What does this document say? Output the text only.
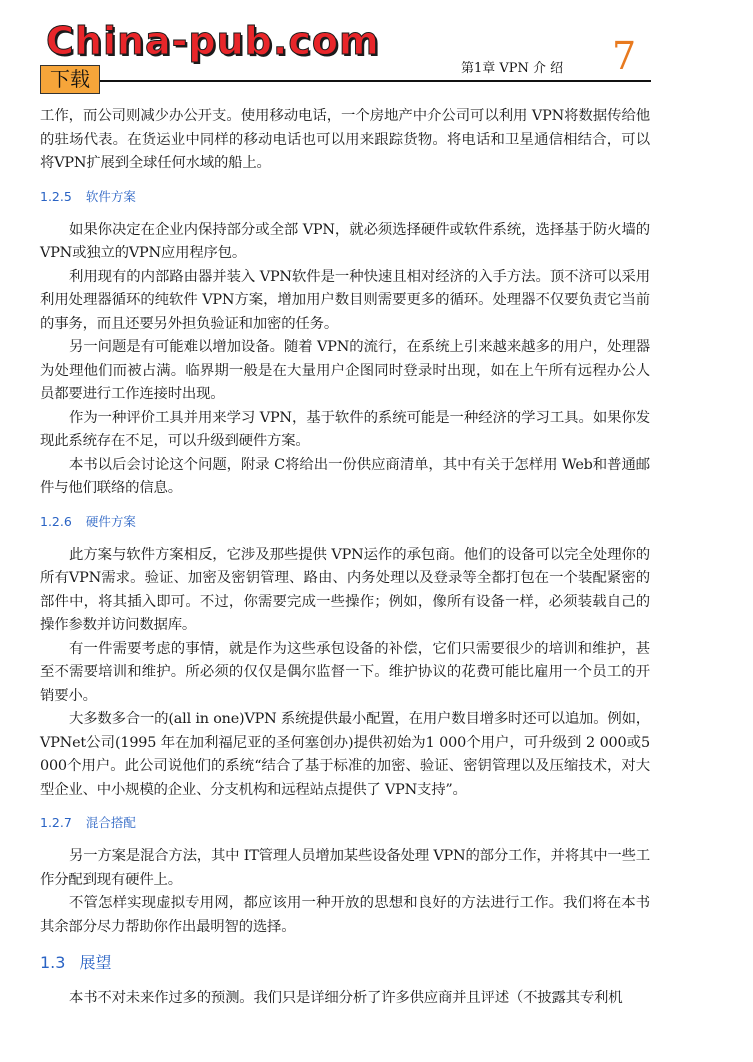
China-pub.com
下载	第1章 VPN 介 绍 7

工作，而公司则减少办公开支。使用移动电话，一个房地产中介公司可以利用 VPN将数据传给他的驻场代表。在货运业中同样的移动电话也可以用来跟踪货物。将电话和卫星通信相结合，可以将VPN扩展到全球任何水域的船上。

1.2.5 软件方案

如果你决定在企业内保持部分或全部 VPN，就必须选择硬件或软件系统，选择基于防火墙的VPN或独立的VPN应用程序包。

利用现有的内部路由器并装入 VPN软件是一种快速且相对经济的入手方法。顶不济可以采用利用处理器循环的纯软件 VPN方案，增加用户数目则需要更多的循环。处理器不仅要负责它当前的事务，而且还要另外担负验证和加密的任务。

另一问题是有可能难以增加设备。随着 VPN的流行，在系统上引来越来越多的用户，处理器为处理他们而被占满。临界期一般是在大量用户企图同时登录时出现，如在上午所有远程办公人员都要进行工作连接时出现。

作为一种评价工具并用来学习 VPN，基于软件的系统可能是一种经济的学习工具。如果你发现此系统存在不足，可以升级到硬件方案。

本书以后会讨论这个问题，附录 C将给出一份供应商清单，其中有关于怎样用 Web和普通邮件与他们联络的信息。

1.2.6 硬件方案

此方案与软件方案相反，它涉及那些提供 VPN运作的承包商。他们的设备可以完全处理你的所有VPN需求。验证、加密及密钥管理、路由、内务处理以及登录等全都打包在一个装配紧密的部件中，将其插入即可。不过，你需要完成一些操作；例如，像所有设备一样，必须装载自己的操作参数并访问数据库。

有一件需要考虑的事情，就是作为这些承包设备的补偿，它们只需要很少的培训和维护，甚至不需要培训和维护。所必须的仅仅是偶尔监督一下。维护协议的花费可能比雇用一个员工的开销要小。

大多数多合一的(all in one)VPN 系统提供最小配置，在用户数目增多时还可以追加。例如，VPNet公司(1995 年在加利福尼亚的圣何塞创办)提供初始为1 000个用户，可升级到 2 000或5 000个用户。此公司说他们的系统“结合了基于标准的加密、验证、密钥管理以及压缩技术，对大型企业、中小规模的企业、分支机构和远程站点提供了 VPN支持”。

1.2.7 混合搭配

另一方案是混合方法，其中 IT管理人员增加某些设备处理 VPN的部分工作，并将其中一些工作分配到现有硬件上。

不管怎样实现虚拟专用网，都应该用一种开放的思想和良好的方法进行工作。我们将在本书其余部分尽力帮助你作出最明智的选择。

1.3 展望

本书不对未来作过多的预测。我们只是详细分析了许多供应商并且评述（不披露其专利机
